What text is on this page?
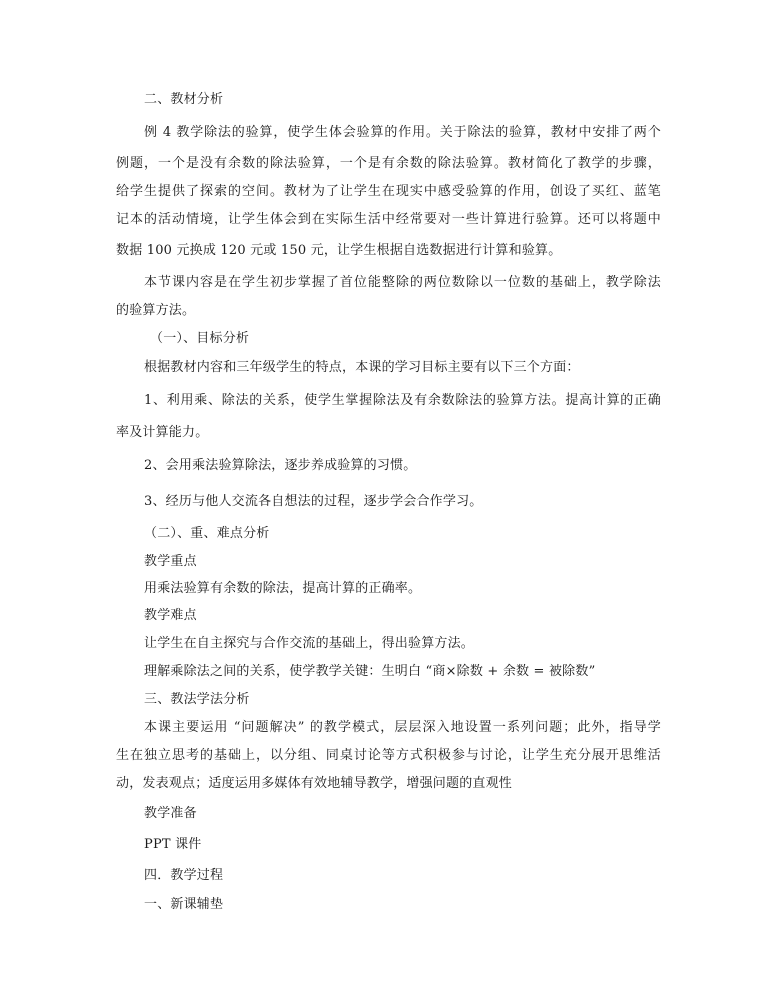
二、教材分析
例 4 教学除法的验算，使学生体会验算的作用。关于除法的验算，教材中安排了两个
例题，一个是没有余数的除法验算，一个是有余数的除法验算。教材简化了教学的步骤，
给学生提供了探索的空间。教材为了让学生在现实中感受验算的作用，创设了买红、蓝笔
记本的活动情境，让学生体会到在实际生活中经常要对一些计算进行验算。还可以将题中
数据 100 元换成 120 元或 150 元，让学生根据自选数据进行计算和验算。
本节课内容是在学生初步掌握了首位能整除的两位数除以一位数的基础上，教学除法
的验算方法。
（一）、目标分析
根据教材内容和三年级学生的特点，本课的学习目标主要有以下三个方面：
1、利用乘、除法的关系，使学生掌握除法及有余数除法的验算方法。提高计算的正确
率及计算能力。
2、会用乘法验算除法，逐步养成验算的习惯。
3、经历与他人交流各自想法的过程，逐步学会合作学习。
（二）、重、难点分析
教学重点
用乘法验算有余数的除法，提高计算的正确率。
教学难点
让学生在自主探究与合作交流的基础上，得出验算方法。
理解乘除法之间的关系，使学教学关键：生明白 “商×除数 + 余数 = 被除数”
三、教法学法分析
本课主要运用 “问题解决” 的教学模式，层层深入地设置一系列问题；此外，指导学
生在独立思考的基础上，以分组、同桌讨论等方式积极参与讨论，让学生充分展开思维活
动，发表观点；适度运用多媒体有效地辅导教学，增强问题的直观性
教学准备
PPT 课件
四．教学过程
一、新课辅垫
